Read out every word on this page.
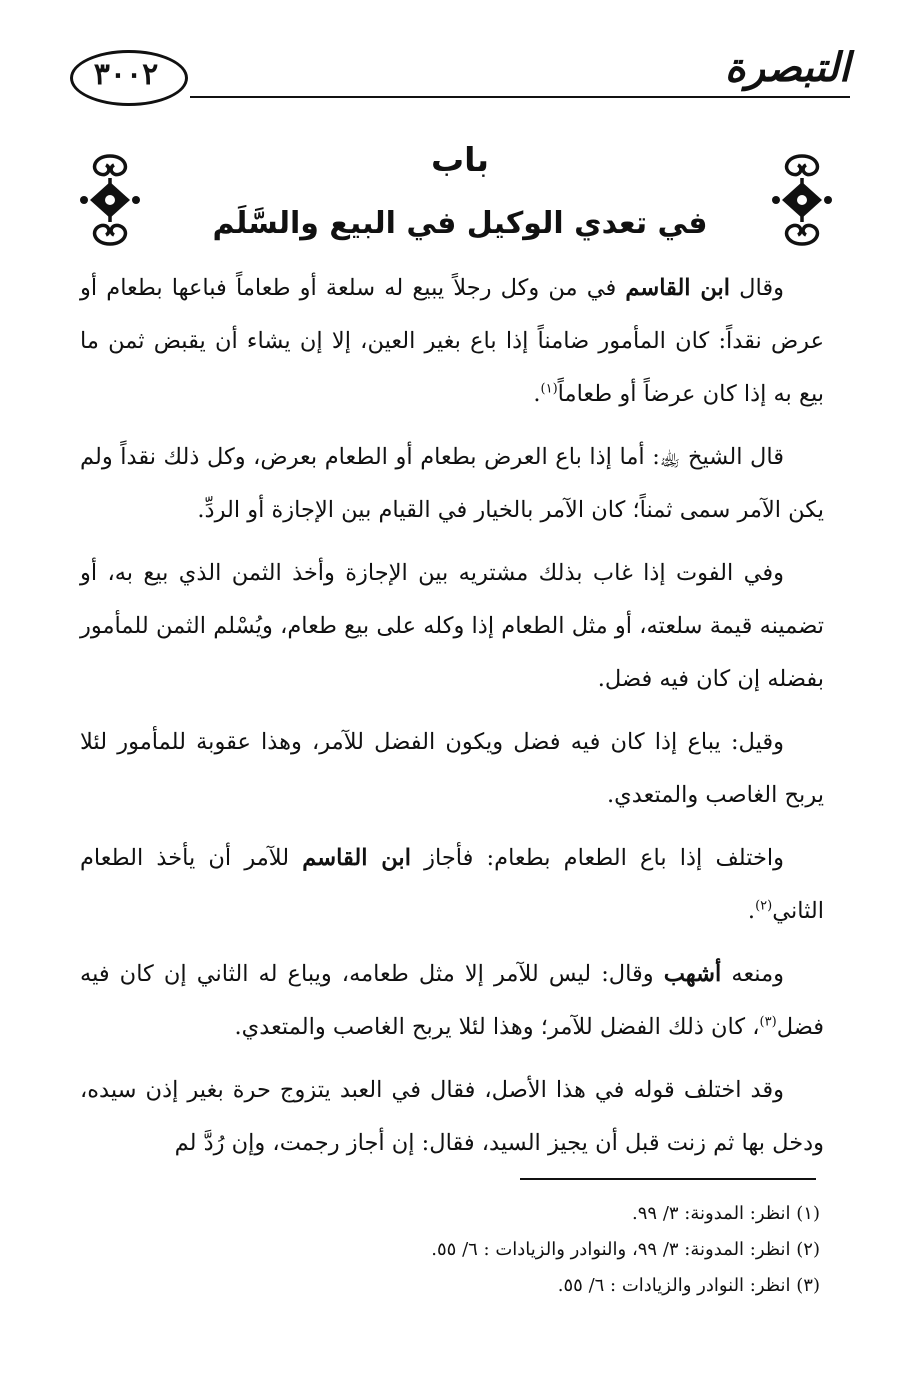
التبصرة
٣٠٠٢
باب
في تعدي الوكيل في البيع والسَّلَم

وقال ابن القاسم في من وكل رجلاً يبيع له سلعة أو طعاماً فباعها بطعام أو عرض نقداً: كان المأمور ضامناً إذا باع بغير العين، إلا إن يشاء أن يقبض ثمن ما بيع به إذا كان عرضاً أو طعاماً$^{(١)}$.

قال الشيخ ﵀: أما إذا باع العرض بطعام أو الطعام بعرض، وكل ذلك نقداً ولم يكن الآمر سمى ثمناً؛ كان الآمر بالخيار في القيام بين الإجازة أو الردِّ.

وفي الفوت إذا غاب بذلك مشتريه بين الإجازة وأخذ الثمن الذي بيع به، أو تضمينه قيمة سلعته، أو مثل الطعام إذا وكله على بيع طعام، ويُسْلم الثمن للمأمور بفضله إن كان فيه فضل.

وقيل: يباع إذا كان فيه فضل ويكون الفضل للآمر، وهذا عقوبة للمأمور لئلا يربح الغاصب والمتعدي.

واختلف إذا باع الطعام بطعام: فأجاز ابن القاسم للآمر أن يأخذ الطعام الثاني$^{(٢)}$.

ومنعه أشهب وقال: ليس للآمر إلا مثل طعامه، ويباع له الثاني إن كان فيه فضل$^{(٣)}$، كان ذلك الفضل للآمر؛ وهذا لئلا يربح الغاصب والمتعدي.

وقد اختلف قوله في هذا الأصل، فقال في العبد يتزوج حرة بغير إذن سيده، ودخل بها ثم زنت قبل أن يجيز السيد، فقال: إن أجاز رجمت، وإن رُدَّ لم

(١) انظر: المدونة: ٣/ ٩٩.

(٢) انظر: المدونة: ٣/ ٩٩، والنوادر والزيادات : ٦/ ٥٥.

(٣) انظر: النوادر والزيادات : ٦/ ٥٥.
